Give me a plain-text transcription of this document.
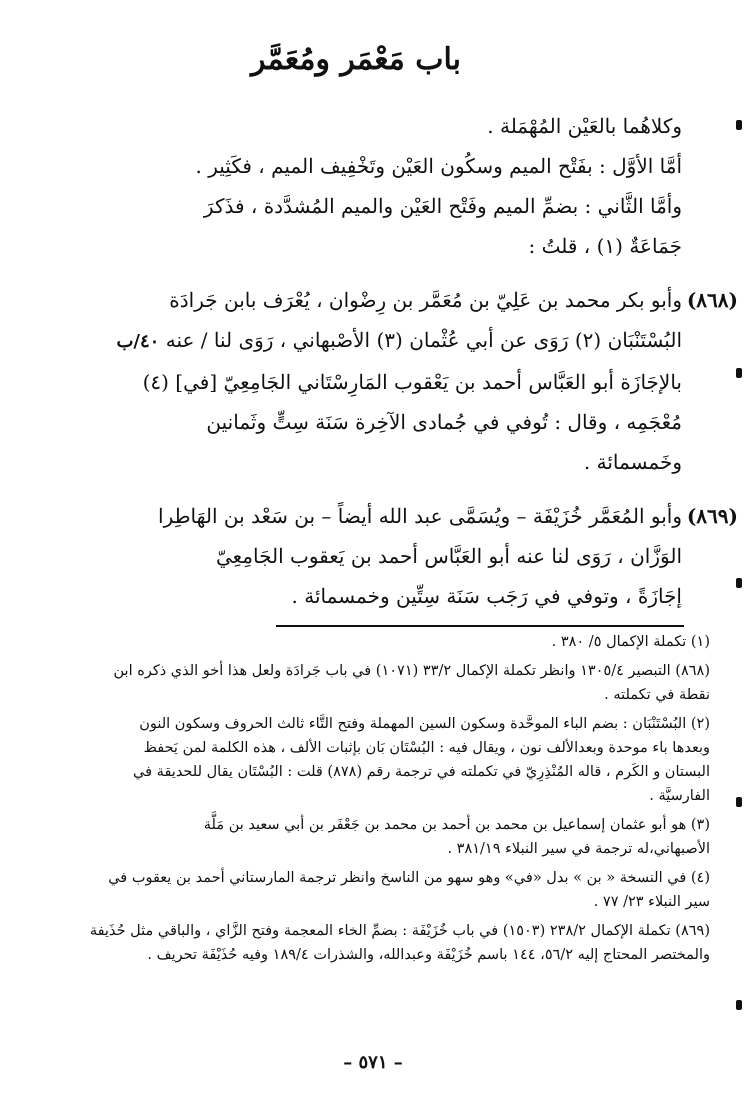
باب مَعْمَر ومُعَمَّر

وكلاهُما بالعَيْن المُهْمَلة .

أمَّا الأوَّل : بفَتْح الميم وسكُون العَيْن وتَخْفِيف الميم ، فكَثِير .

وأمَّا الثَّاني : بضمِّ الميم وفَتْح العَيْن والميم المُشدَّدة ، فذَكرَ

جَمَاعَةٌ (١) ، قلتُ :

(٨٦٨)
وأبو بكر محمد بن عَلِيّ بن مُعَمَّر بن رِضْوان ، يُعْرَف بابن جَرادَة
البُسْتَنْبَان (٢) رَوَى عن أبي عُثْمان (٣) الأصْبهاني ، رَوَى لنا / عنه ٤٠/ب
بالإجَازَة أبو العَبَّاس أحمد بن يَعْقوب المَارِسْتَاني الجَامِعِيّ [في] (٤)
مُعْجَمِه ، وقال : تُوفي في جُمادى الآخِرة سَنَة سِتٍّ وثَمانين
وخَمسمائة .
(٨٦٩)
وأبو المُعَمَّر خُزَيْفَة – ويُسَمَّى عبد الله أيضاً – بن سَعْد بن الهَاطِرا
الوَزَّان ، رَوَى لنا عنه أبو العَبَّاس أحمد بن يَعقوب الجَامِعِيّ
إجَازَةً ، وتوفي في رَجَب سَنَة سِتِّين وخمسمائة .
(١) تكملة الإكمال ٥/ ٣٨٠ .
(٨٦٨) التبصير ١٣٠٥/٤ وانظر تكملة الإكمال ٣٣/٢ (١٠٧١) في باب جَرادَة ولعل هذا أخو الذي ذكره ابن
نقطة في تكملته .
(٢) البُسْتَنْبَان : بضم الباء الموحَّدة وسكون السين المهملة وفتح التَّاء ثالث الحروف وسكون النون
وبعدها باء موحدة وبعدالألف نون ، ويقال فيه : البُسْتَان بَان بإثبات الألف ، هذه الكلمة لمن يَحفظ
البستان و الكَرم ، قاله المُنْذِرِيّ في تكملته في ترجمة رقم (٨٧٨) قلت : البُسْتَان يقال للحديقة في
الفارسيَّة .
(٣) هو أبو عثمان إسماعيل بن محمد بن أحمد بن محمد بن جَعْفَر بن أبي سعيد بن مَلَّة
الأصبهاني،له ترجمة في سير النبلاء ٣٨١/١٩ .
(٤) في النسخة « بن » بدل «في» وهو سهو من الناسخ وانظر ترجمة المارستاني أحمد بن يعقوب في
سير النبلاء ٢٣/ ٧٧ .
(٨٦٩) تكملة الإكمال ٢٣٨/٢ (١٥٠٣) في باب خُزَيْفَة : بضمِّ الخاء المعجمة وفتح الزَّاي ، والباقي مثل حُذَيفة
والمختصر المحتاج إليه ٥٦/٢، ١٤٤ باسم خُزَيْفَة وعبدالله، والشذرات ١٨٩/٤ وفيه حُذَيْفَة تحريف .
– ٥٧١ –
